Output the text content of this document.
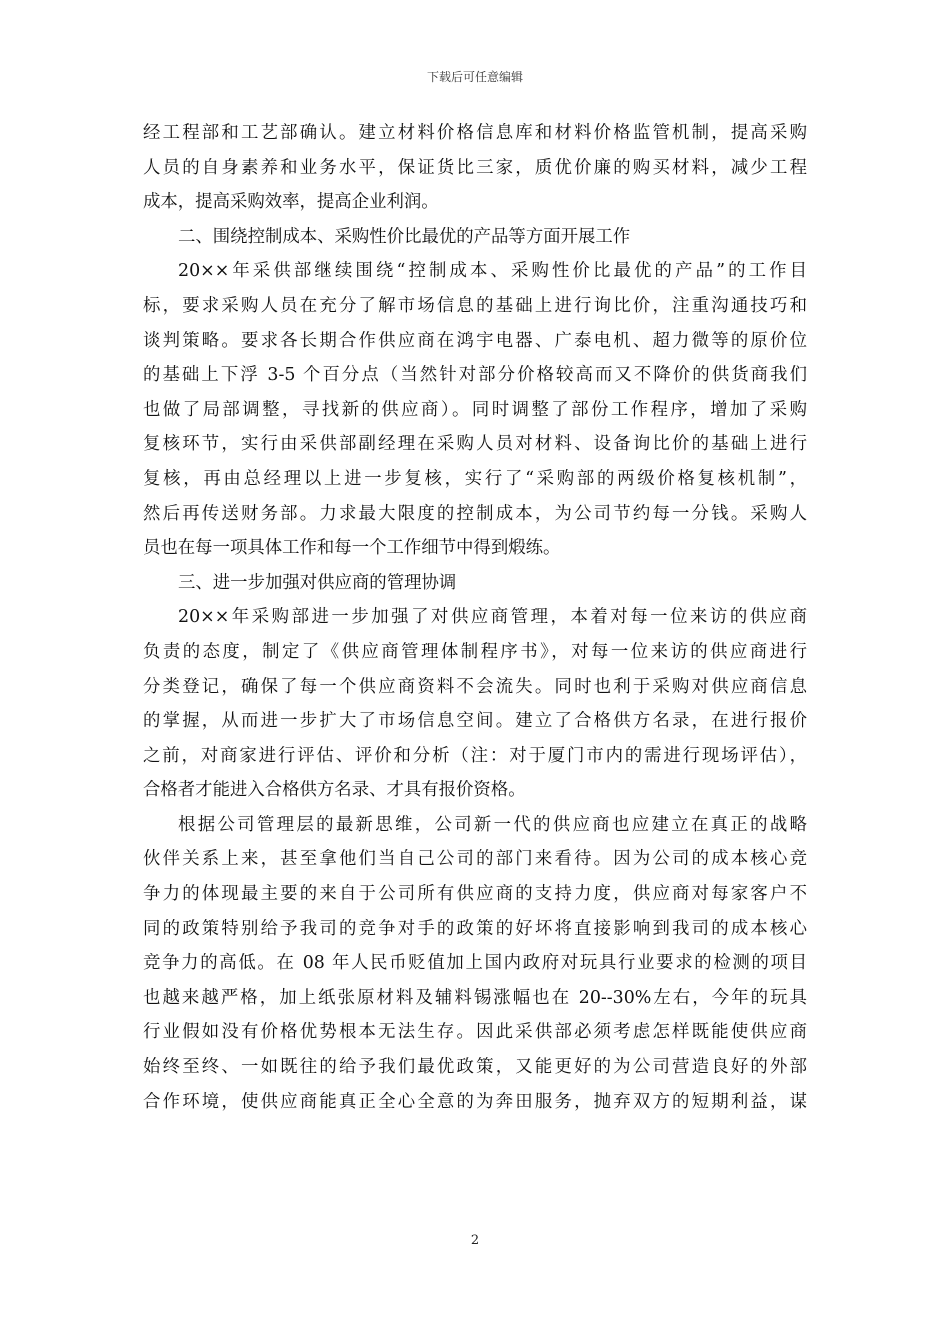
下载后可任意编辑
经工程部和工艺部确认。建立材料价格信息库和材料价格监管机制，提高采购
人员的自身素养和业务水平，保证货比三家，质优价廉的购买材料，减少工程
成本，提高采购效率，提高企业利润。
二、围绕控制成本、采购性价比最优的产品等方面开展工作
20××年采供部继续围绕“控制成本、采购性价比最优的产品”的工作目
标，要求采购人员在充分了解市场信息的基础上进行询比价，注重沟通技巧和
谈判策略。要求各长期合作供应商在鸿宇电器、广泰电机、超力微等的原价位
的基础上下浮 3-5 个百分点（当然针对部分价格较高而又不降价的供货商我们
也做了局部调整，寻找新的供应商）。同时调整了部份工作程序，增加了采购
复核环节，实行由采供部副经理在采购人员对材料、设备询比价的基础上进行
复核，再由总经理以上进一步复核，实行了“采购部的两级价格复核机制”，
然后再传送财务部。力求最大限度的控制成本，为公司节约每一分钱。采购人
员也在每一项具体工作和每一个工作细节中得到煅练。
三、进一步加强对供应商的管理协调
20××年采购部进一步加强了对供应商管理，本着对每一位来访的供应商
负责的态度，制定了《供应商管理体制程序书》，对每一位来访的供应商进行
分类登记，确保了每一个供应商资料不会流失。同时也利于采购对供应商信息
的掌握，从而进一步扩大了市场信息空间。建立了合格供方名录，在进行报价
之前，对商家进行评估、评价和分析（注：对于厦门市内的需进行现场评估），
合格者才能进入合格供方名录、才具有报价资格。
根据公司管理层的最新思维，公司新一代的供应商也应建立在真正的战略
伙伴关系上来，甚至拿他们当自己公司的部门来看待。因为公司的成本核心竞
争力的体现最主要的来自于公司所有供应商的支持力度，供应商对每家客户不
同的政策特别给予我司的竞争对手的政策的好坏将直接影响到我司的成本核心
竞争力的高低。在 08 年人民币贬值加上国内政府对玩具行业要求的检测的项目
也越来越严格，加上纸张原材料及辅料锡涨幅也在 20--30%左右，今年的玩具
行业假如没有价格优势根本无法生存。因此采供部必须考虑怎样既能使供应商
始终至终、一如既往的给予我们最优政策，又能更好的为公司营造良好的外部
合作环境，使供应商能真正全心全意的为奔田服务，抛弃双方的短期利益，谋
2
